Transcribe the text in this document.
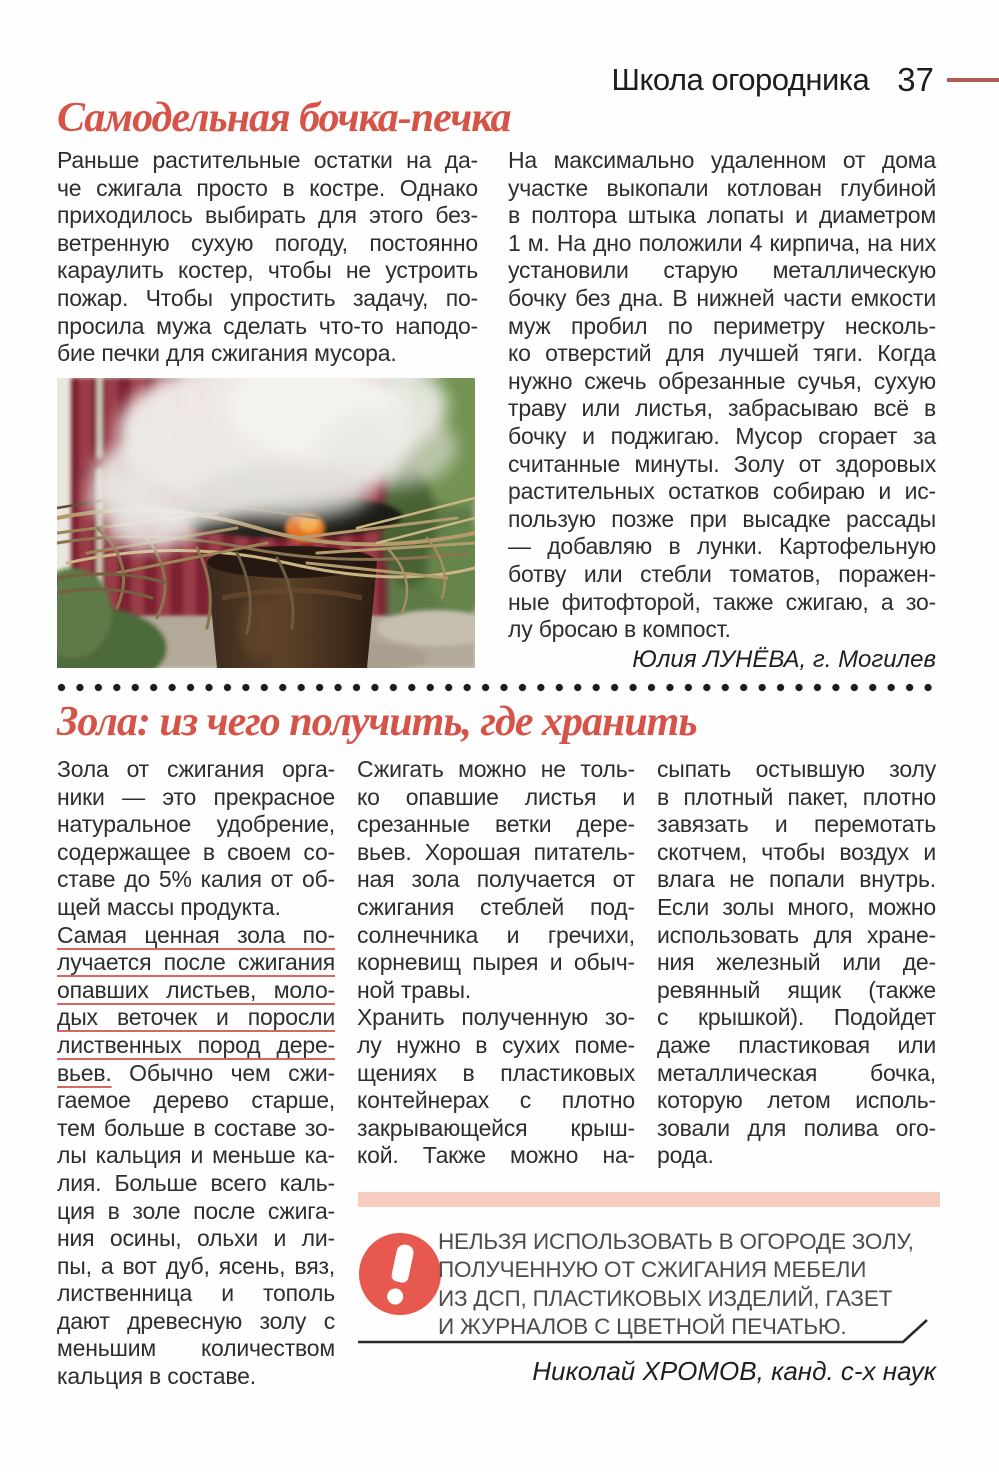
Школа огородника 37
Самодельная бочка-печка
Раньше растительные остатки на да-
че сжигала просто в костре. Однако
приходилось выбирать для этого без-
ветренную сухую погоду, постоянно
караулить костер, чтобы не устроить
пожар. Чтобы упростить задачу, по-
просила мужа сделать что-то наподо-
бие печки для сжигания мусора.
На максимально удаленном от дома
участке выкопали котлован глубиной
в полтора штыка лопаты и диаметром
1 м. На дно положили 4 кирпича, на них
установили старую металлическую
бочку без дна. В нижней части емкости
муж пробил по периметру несколь-
ко отверстий для лучшей тяги. Когда
нужно сжечь обрезанные сучья, сухую
траву или листья, забрасываю всё в
бочку и поджигаю. Мусор сгорает за
считанные минуты. Золу от здоровых
растительных остатков собираю и ис-
пользую позже при высадке рассады
— добавляю в лунки. Картофельную
ботву или стебли томатов, поражен-
ные фитофторой, также сжигаю, а зо-
лу бросаю в компост.
Юлия ЛУНЁВА, г. Могилев
Зола: из чего получить, где хранить
Зола от сжигания орга-
ники — это прекрасное
натуральное удобрение,
содержащее в своем со-
ставе до 5% калия от об-
щей массы продукта.
Самая ценная зола по-
лучается после сжигания
опавших листьев, моло-
дых веточек и поросли
лиственных пород дере-
вьев. Обычно чем сжи-
гаемое дерево старше,
тем больше в составе зо-
лы кальция и меньше ка-
лия. Больше всего каль-
ция в золе после сжига-
ния осины, ольхи и ли-
пы, а вот дуб, ясень, вяз,
лиственница и тополь
дают древесную золу с
меньшим количеством
кальция в составе.
Сжигать можно не толь-
ко опавшие листья и
срезанные ветки дере-
вьев. Хорошая питатель-
ная зола получается от
сжигания стеблей под-
солнечника и гречихи,
корневищ пырея и обыч-
ной травы.
Хранить полученную зо-
лу нужно в сухих поме-
щениях в пластиковых
контейнерах с плотно
закрывающейся крыш-
кой. Также можно на-
сыпать остывшую золу
в плотный пакет, плотно
завязать и перемотать
скотчем, чтобы воздух и
влага не попали внутрь.
Если золы много, можно
использовать для хране-
ния железный или де-
ревянный ящик (также
с крышкой). Подойдет
даже пластиковая или
металлическая бочка,
которую летом исполь-
зовали для полива ого-
рода.
НЕЛЬЗЯ ИСПОЛЬЗОВАТЬ В ОГОРОДЕ ЗОЛУ,
ПОЛУЧЕННУЮ ОТ СЖИГАНИЯ МЕБЕЛИ
ИЗ ДСП, ПЛАСТИКОВЫХ ИЗДЕЛИЙ, ГАЗЕТ
И ЖУРНАЛОВ С ЦВЕТНОЙ ПЕЧАТЬЮ.
Николай ХРОМОВ, канд. с-х наук
